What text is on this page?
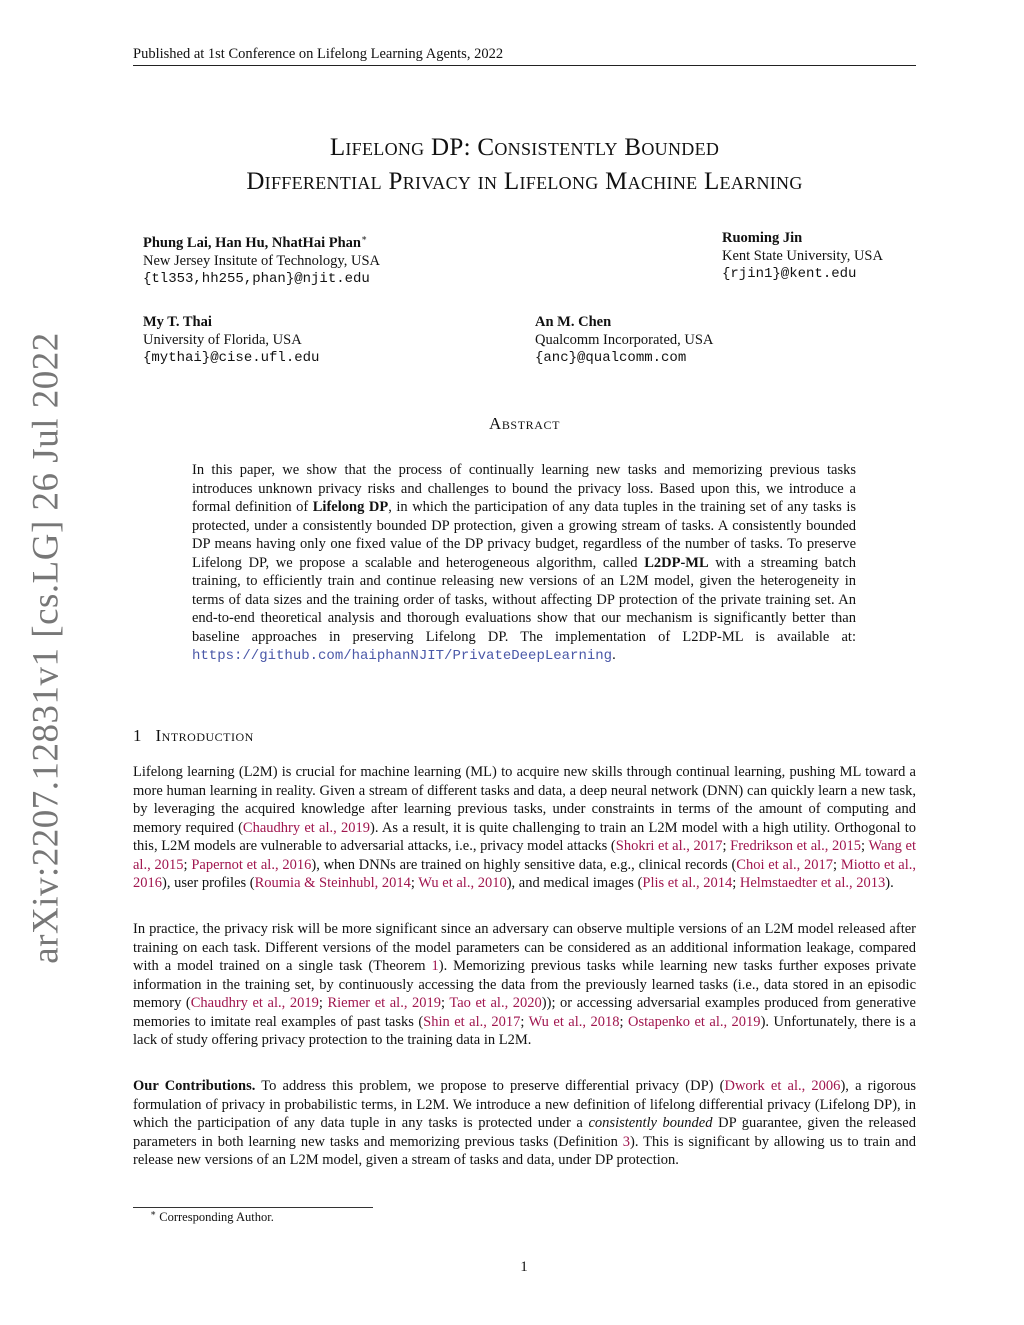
Published at 1st Conference on Lifelong Learning Agents, 2022
arXiv:2207.12831v1 [cs.LG] 26 Jul 2022
Lifelong DP: Consistently Bounded
Differential Privacy in Lifelong Machine Learning
Phung Lai, Han Hu, NhatHai Phan∗
New Jersey Insitute of Technology, USA
{tl353,hh255,phan}@njit.edu
Ruoming Jin
Kent State University, USA
{rjin1}@kent.edu
My T. Thai
University of Florida, USA
{mythai}@cise.ufl.edu
An M. Chen
Qualcomm Incorporated, USA
{anc}@qualcomm.com
Abstract
In this paper, we show that the process of continually learning new tasks and memorizing previous tasks introduces unknown privacy risks and challenges to bound the privacy loss. Based upon this, we introduce a formal definition of Lifelong DP, in which the participation of any data tuples in the training set of any tasks is protected, under a consistently bounded DP protection, given a growing stream of tasks. A consistently bounded DP means having only one fixed value of the DP privacy budget, regardless of the number of tasks. To preserve Lifelong DP, we propose a scalable and heterogeneous algorithm, called L2DP-ML with a streaming batch training, to efficiently train and continue releasing new versions of an L2M model, given the heterogeneity in terms of data sizes and the training order of tasks, without affecting DP protection of the private training set. An end-to-end theoretical analysis and thorough evaluations show that our mechanism is significantly better than baseline approaches in preserving Lifelong DP. The implementation of L2DP-ML is available at: https://github.com/haiphanNJIT/PrivateDeepLearning.
1 Introduction
Lifelong learning (L2M) is crucial for machine learning (ML) to acquire new skills through continual learning, pushing ML toward a more human learning in reality. Given a stream of different tasks and data, a deep neural network (DNN) can quickly learn a new task, by leveraging the acquired knowledge after learning previous tasks, under constraints in terms of the amount of computing and memory required (Chaudhry et al., 2019). As a result, it is quite challenging to train an L2M model with a high utility. Orthogonal to this, L2M models are vulnerable to adversarial attacks, i.e., privacy model attacks (Shokri et al., 2017; Fredrikson et al., 2015; Wang et al., 2015; Papernot et al., 2016), when DNNs are trained on highly sensitive data, e.g., clinical records (Choi et al., 2017; Miotto et al., 2016), user profiles (Roumia & Steinhubl, 2014; Wu et al., 2010), and medical images (Plis et al., 2014; Helmstaedter et al., 2013).
In practice, the privacy risk will be more significant since an adversary can observe multiple versions of an L2M model released after training on each task. Different versions of the model parameters can be considered as an additional information leakage, compared with a model trained on a single task (Theorem 1). Memorizing previous tasks while learning new tasks further exposes private information in the training set, by continuously accessing the data from the previously learned tasks (i.e., data stored in an episodic memory (Chaudhry et al., 2019; Riemer et al., 2019; Tao et al., 2020)); or accessing adversarial examples produced from generative memories to imitate real examples of past tasks (Shin et al., 2017; Wu et al., 2018; Ostapenko et al., 2019). Unfortunately, there is a lack of study offering privacy protection to the training data in L2M.
Our Contributions. To address this problem, we propose to preserve differential privacy (DP) (Dwork et al., 2006), a rigorous formulation of privacy in probabilistic terms, in L2M. We introduce a new definition of lifelong differential privacy (Lifelong DP), in which the participation of any data tuple in any tasks is protected under a consistently bounded DP guarantee, given the released parameters in both learning new tasks and memorizing previous tasks (Definition 3). This is significant by allowing us to train and release new versions of an L2M model, given a stream of tasks and data, under DP protection.
∗ Corresponding Author.
1
